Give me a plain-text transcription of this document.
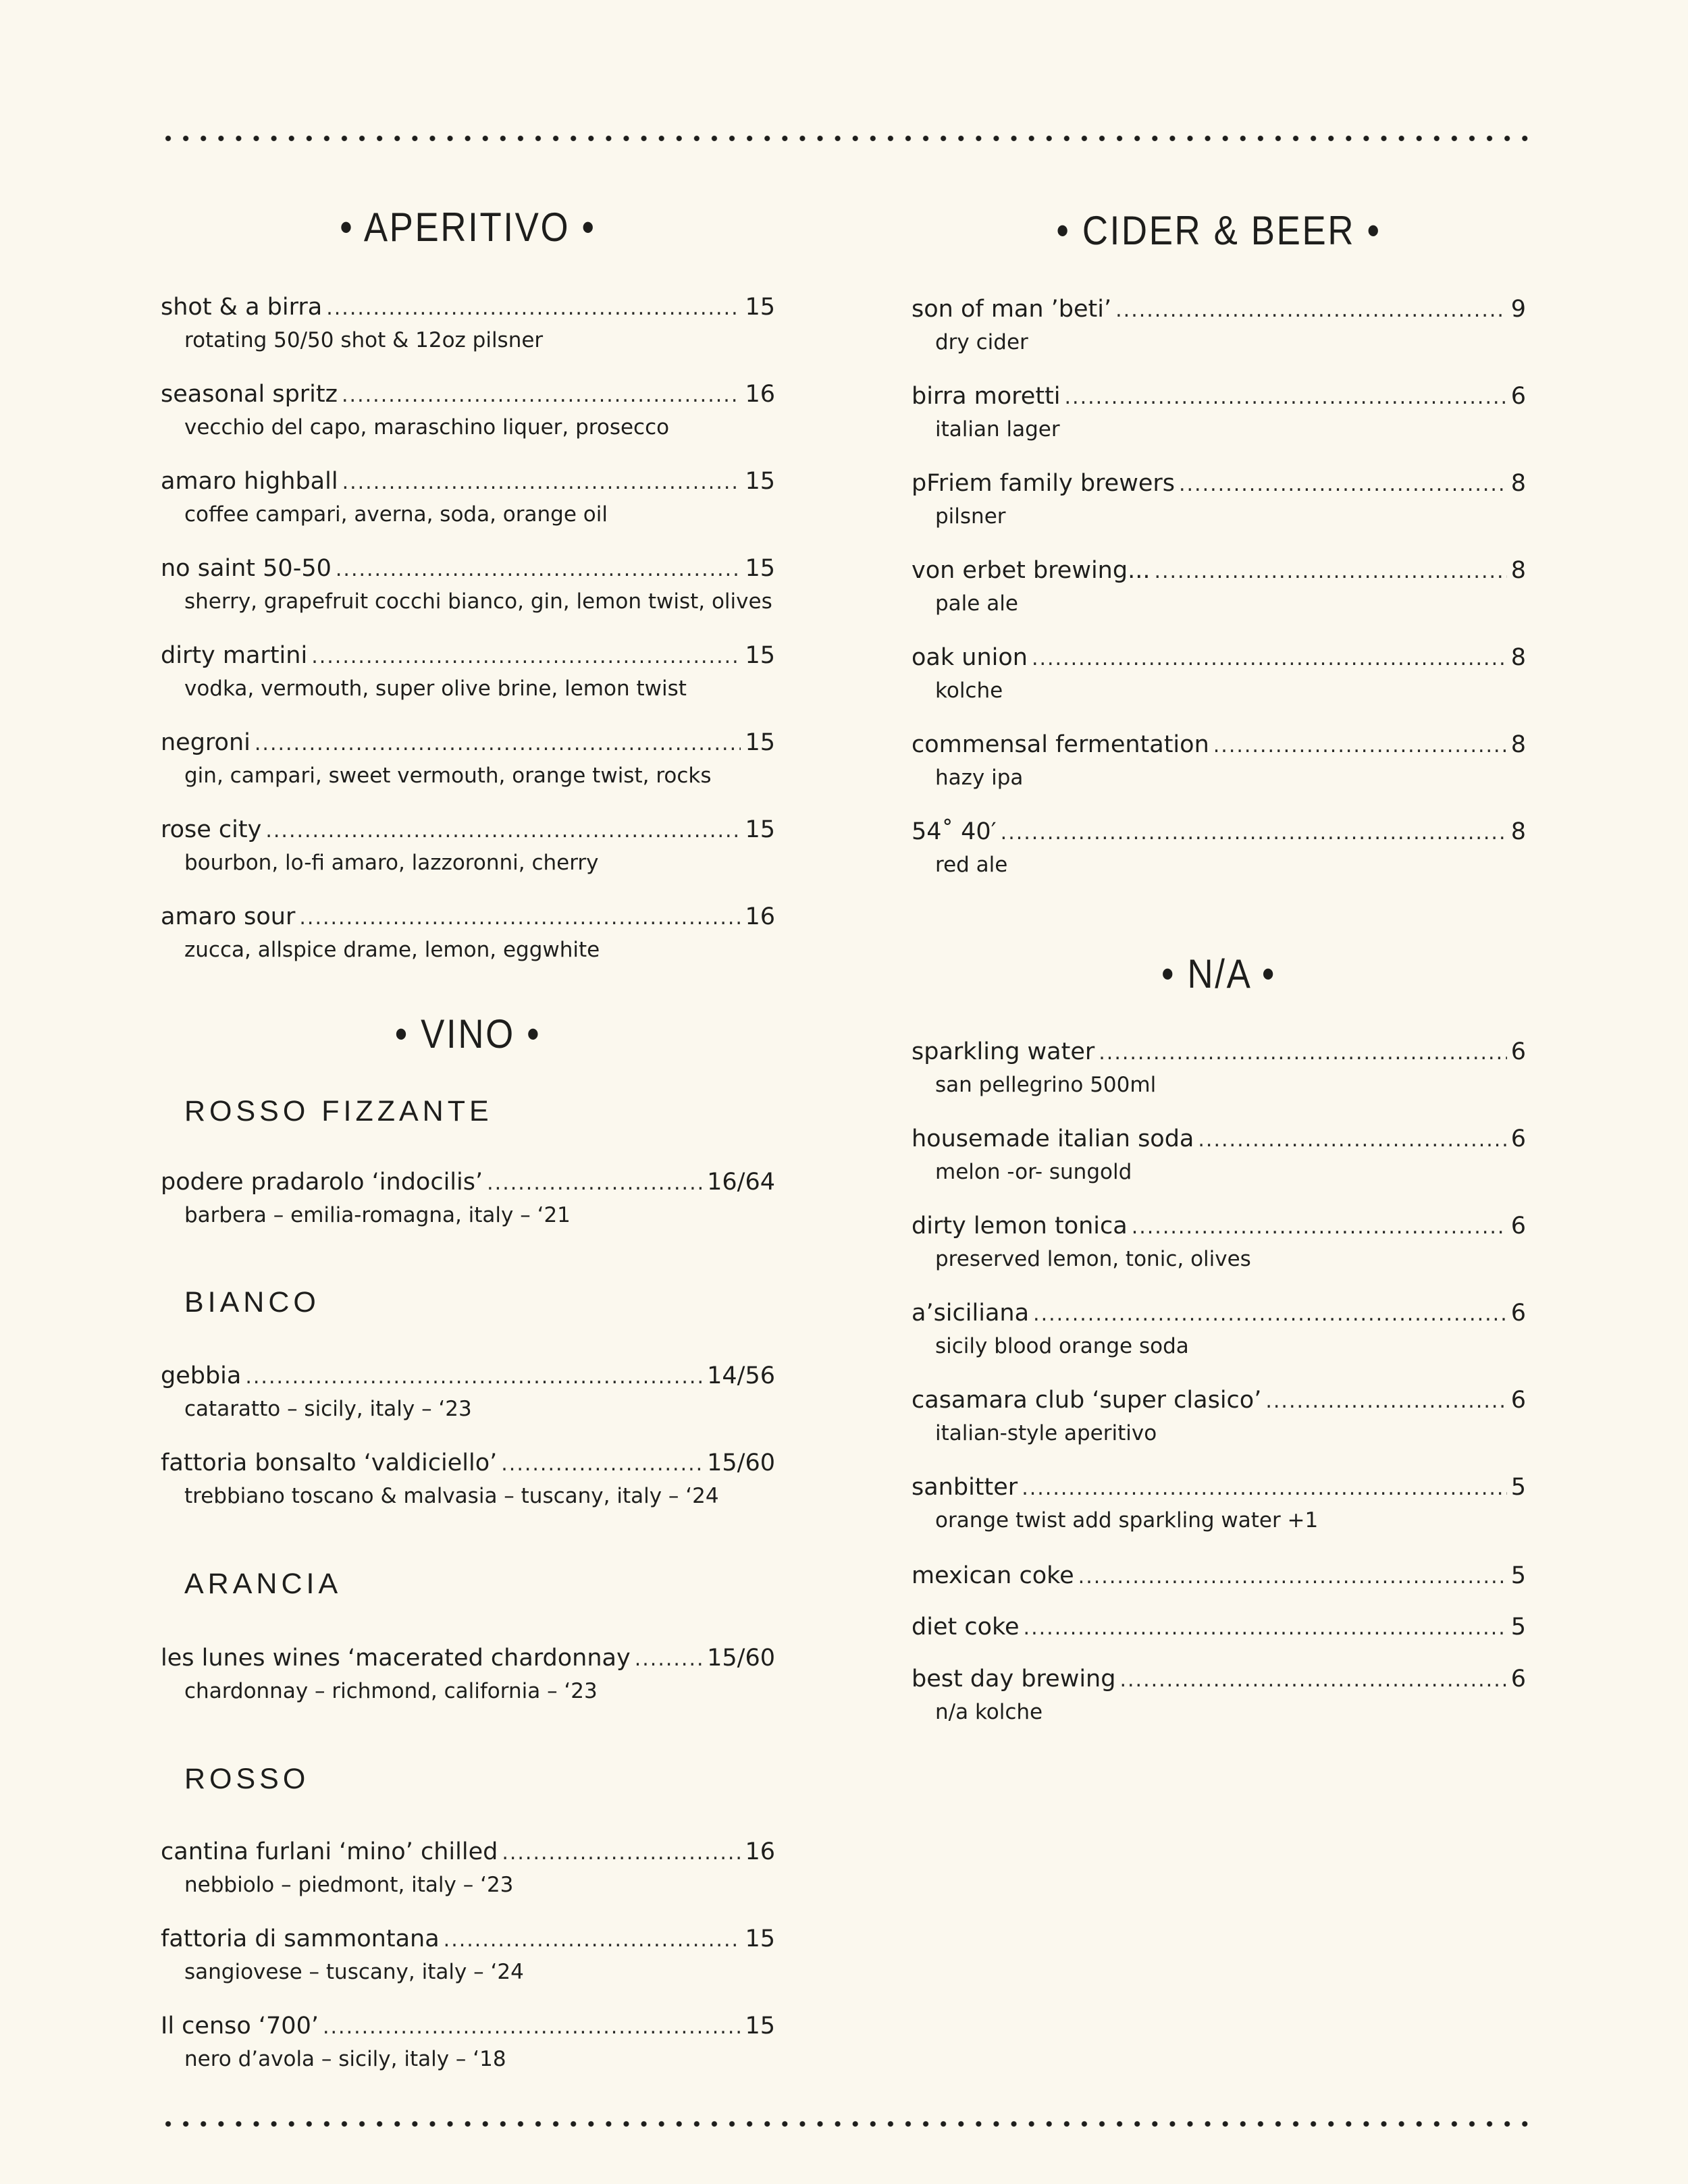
• APERITIVO •
shot & a birra .....	15
rotating 50/50 shot & 12oz pilsner
seasonal spritz .....	16
vecchio del capo, maraschino liquer, prosecco
amaro highball .....	15
coffee campari, averna, soda, orange oil
no saint 50-50 .....	15
sherry, grapefruit cocchi bianco, gin, lemon twist, olives
dirty martini .....	15
vodka, vermouth, super olive brine, lemon twist
negroni .....	15
gin, campari, sweet vermouth, orange twist, rocks
rose city .....	15
bourbon, lo-fi amaro, lazzoronni, cherry
amaro sour .....	16
zucca, allspice drame, lemon, eggwhite
• VINO •
ROSSO FIZZANTE
podere pradarolo ‘indocilis’ .....	16/64
barbera – emilia-romagna, italy – ‘21
BIANCO
gebbia .....	14/56
cataratto – sicily, italy – ‘23
fattoria bonsalto ‘valdiciello’ .....	15/60
trebbiano toscano & malvasia – tuscany, italy – ‘24
ARANCIA
les lunes wines ‘macerated chardonnay .....	15/60
chardonnay – richmond, california – ‘23
ROSSO
cantina furlani ‘mino’ chilled .....	16
nebbiolo – piedmont, italy – ‘23
fattoria di sammontana .....	15
sangiovese – tuscany, italy – ‘24
Il censo ‘700’ .....	15
nero d’avola – sicily, italy – ‘18
• CIDER & BEER •
son of man ’beti’ .....	9
dry cider
birra moretti .....	6
italian lager
pFriem family brewers .....	8
pilsner
von erbet brewing... .....	8
pale ale
oak union .....	8
kolche
commensal fermentation .....	8
hazy ipa
54˚ 40′ .....	8
red ale
• N/A •
sparkling water .....	6
san pellegrino 500ml
housemade italian soda .....	6
melon -or- sungold
dirty lemon tonica .....	6
preserved lemon, tonic, olives
a’siciliana .....	6
sicily blood orange soda
casamara club ‘super clasico’ .....	6
italian-style aperitivo
sanbitter .....	5
orange twist add sparkling water +1
mexican coke .....	5
diet coke .....	5
best day brewing .....	6
n/a kolche
